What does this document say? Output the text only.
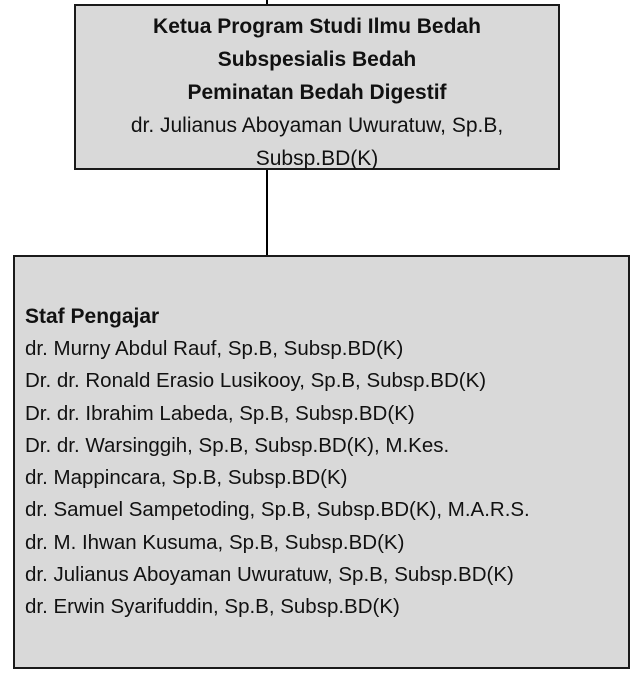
Ketua Program Studi Ilmu Bedah
Subspesialis Bedah
Peminatan Bedah Digestif
dr. Julianus Aboyaman Uwuratuw, Sp.B,
Subsp.BD(K)
Staf Pengajar
dr. Murny Abdul Rauf, Sp.B, Subsp.BD(K)
Dr. dr. Ronald Erasio Lusikooy, Sp.B, Subsp.BD(K)
Dr. dr. Ibrahim Labeda, Sp.B, Subsp.BD(K)
Dr. dr. Warsinggih, Sp.B, Subsp.BD(K), M.Kes.
dr. Mappincara, Sp.B, Subsp.BD(K)
dr. Samuel Sampetoding, Sp.B, Subsp.BD(K), M.A.R.S.
dr. M. Ihwan Kusuma, Sp.B, Subsp.BD(K)
dr. Julianus Aboyaman Uwuratuw, Sp.B, Subsp.BD(K)
dr. Erwin Syarifuddin, Sp.B, Subsp.BD(K)
